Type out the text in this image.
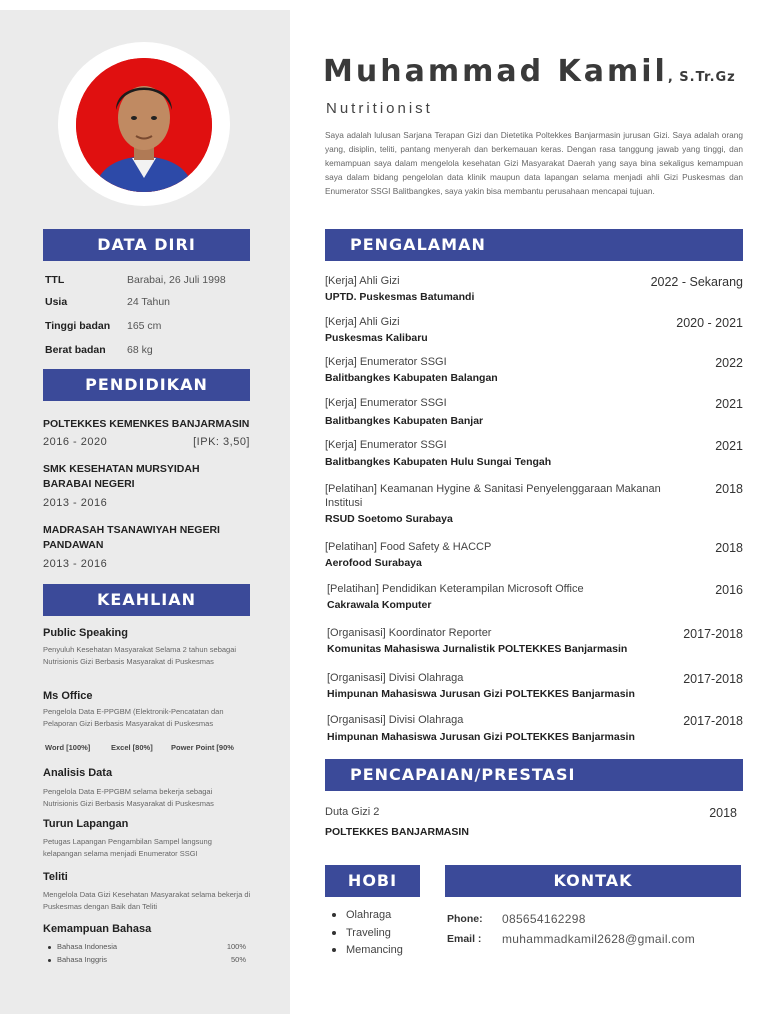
DATA DIRI
TTL	Barabai, 26 Juli 1998
Usia	24 Tahun
Tinggi badan 165 cm
Berat badan 68 kg
PENDIDIKAN
POLTEKKES KEMENKES BANJARMASIN
2016 - 2020	[IPK: 3,50]
SMK KESEHATAN MURSYIDAH BARABAI NEGERI
2013 - 2016
MADRASAH TSANAWIYAH NEGERI PANDAWAN
2013 - 2016
KEAHLIAN
Public Speaking
Penyuluh Kesehatan Masyarakat Selama 2 tahun sebagai Nutrisionis Gizi Berbasis Masyarakat di Puskesmas
Ms Office
Pengelola Data E-PPGBM (Elektronik-Pencatatan dan Pelaporan Gizi Berbasis Masyarakat di Puskesmas
Word [100%]	Excel [80%] Power Point [90%
Analisis Data
Pengelola Data E-PPGBM selama bekerja sebagai Nutrisionis Gizi Berbasis Masyarakat di Puskesmas
Turun Lapangan
Petugas Lapangan Pengambilan Sampel langsung kelapangan selama menjadi Enumerator SSGI
Teliti
Mengelola Data Gizi Kesehatan Masyarakat selama bekerja di Puskesmas dengan Baik dan Teliti
Kemampuan Bahasa
Bahasa Indonesia	100%
Bahasa Inggris	50%
Muhammad Kamil, S.Tr.Gz
Nutritionist
Saya adalah lulusan Sarjana Terapan Gizi dan Dietetika Poltekkes Banjarmasin jurusan Gizi. Saya adalah orang yang, disiplin, teliti, pantang menyerah dan berkemauan keras. Dengan rasa tanggung jawab yang tinggi, dan kemampuan saya dalam mengelola kesehatan Gizi Masyarakat Daerah yang saya bina sekaligus kemampuan saya dalam bidang pengelolan data klinik maupun data lapangan selama menjadi ahli Gizi Puskesmas dan Enumerator SSGI Balitbangkes, saya yakin bisa membantu perusahaan mencapai tujuan.
PENGALAMAN
[Kerja] Ahli Gizi
UPTD. Puskesmas Batumandi
2022 - Sekarang
[Kerja] Ahli Gizi
Puskesmas Kalibaru
2020 - 2021
[Kerja] Enumerator SSGI
Balitbangkes Kabupaten Balangan
2022
[Kerja] Enumerator SSGI
Balitbangkes Kabupaten Banjar
2021
[Kerja] Enumerator SSGI
Balitbangkes Kabupaten Hulu Sungai Tengah
2021
[Pelatihan] Keamanan Hygine & Sanitasi Penyelenggaraan Makanan Institusi
RSUD Soetomo Surabaya
2018
[Pelatihan] Food Safety & HACCP
Aerofood Surabaya
2018
[Pelatihan] Pendidikan Keterampilan Microsoft Office
Cakrawala Komputer
2016
[Organisasi] Koordinator Reporter
Komunitas Mahasiswa Jurnalistik POLTEKKES Banjarmasin
2017-2018
[Organisasi] Divisi Olahraga
Himpunan Mahasiswa Jurusan Gizi POLTEKKES Banjarmasin
2017-2018
[Organisasi] Divisi Olahraga
Himpunan Mahasiswa Jurusan Gizi POLTEKKES Banjarmasin
2017-2018
PENCAPAIAN/PRESTASI
Duta Gizi 2
POLTEKKES BANJARMASIN
2018
HOBI
Olahraga
Traveling
Memancing
KONTAK
Phone: 085654162298
Email : muhammadkamil2628@gmail.com
